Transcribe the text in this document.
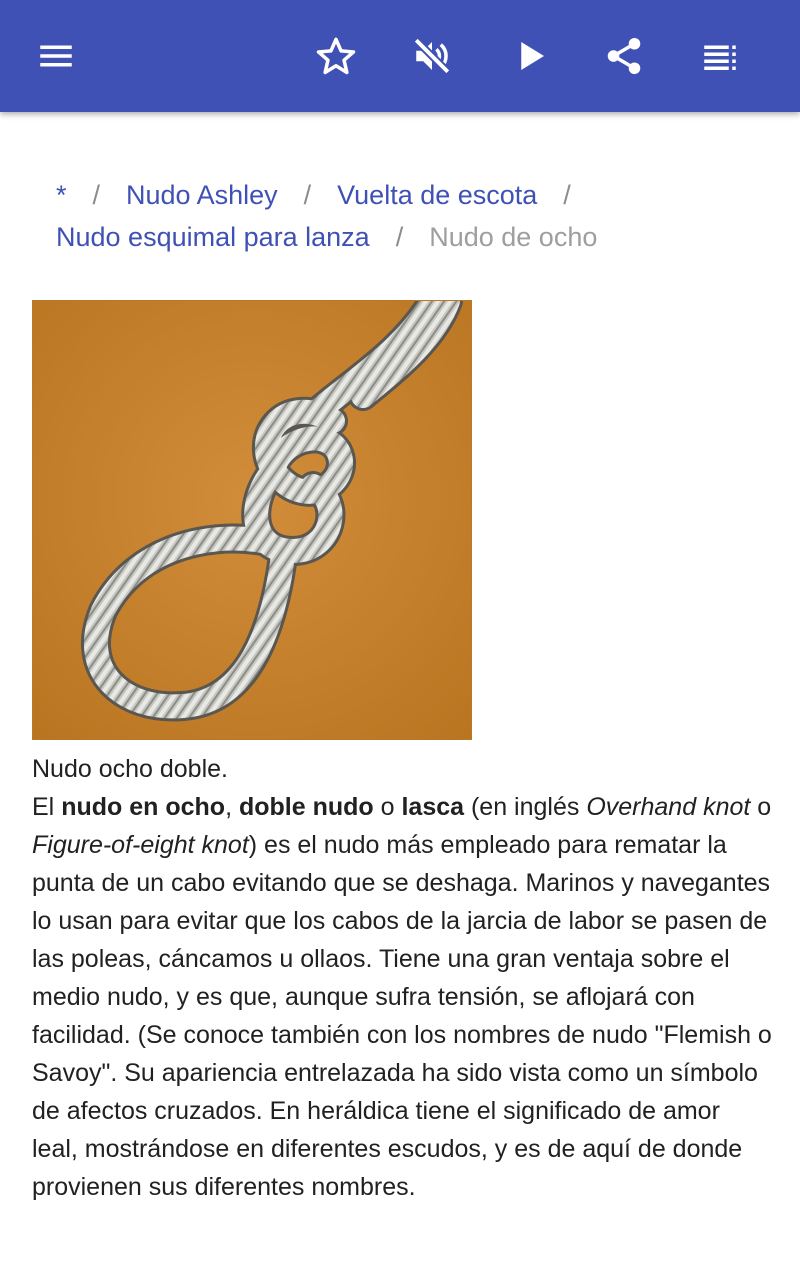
* / Nudo Ashley / Vuelta de escota /
Nudo esquimal para lanza / Nudo de ocho
Nudo ocho doble.

El nudo en ocho, doble nudo o lasca (en inglés Overhand knot o Figure-of-eight knot) es el nudo más empleado para rematar la punta de un cabo evitando que se deshaga. Marinos y navegantes lo usan para evitar que los cabos de la jarcia de labor se pasen de las poleas, cáncamos u ollaos. Tiene una gran ventaja sobre el medio nudo, y es que, aunque sufra tensión, se aflojará con facilidad. (Se conoce también con los nombres de nudo "Flemish o Savoy". Su apariencia entrelazada ha sido vista como un símbolo de afectos cruzados. En heráldica tiene el significado de amor leal, mostrándose en diferentes escudos, y es de aquí de donde provienen sus diferentes nombres.
